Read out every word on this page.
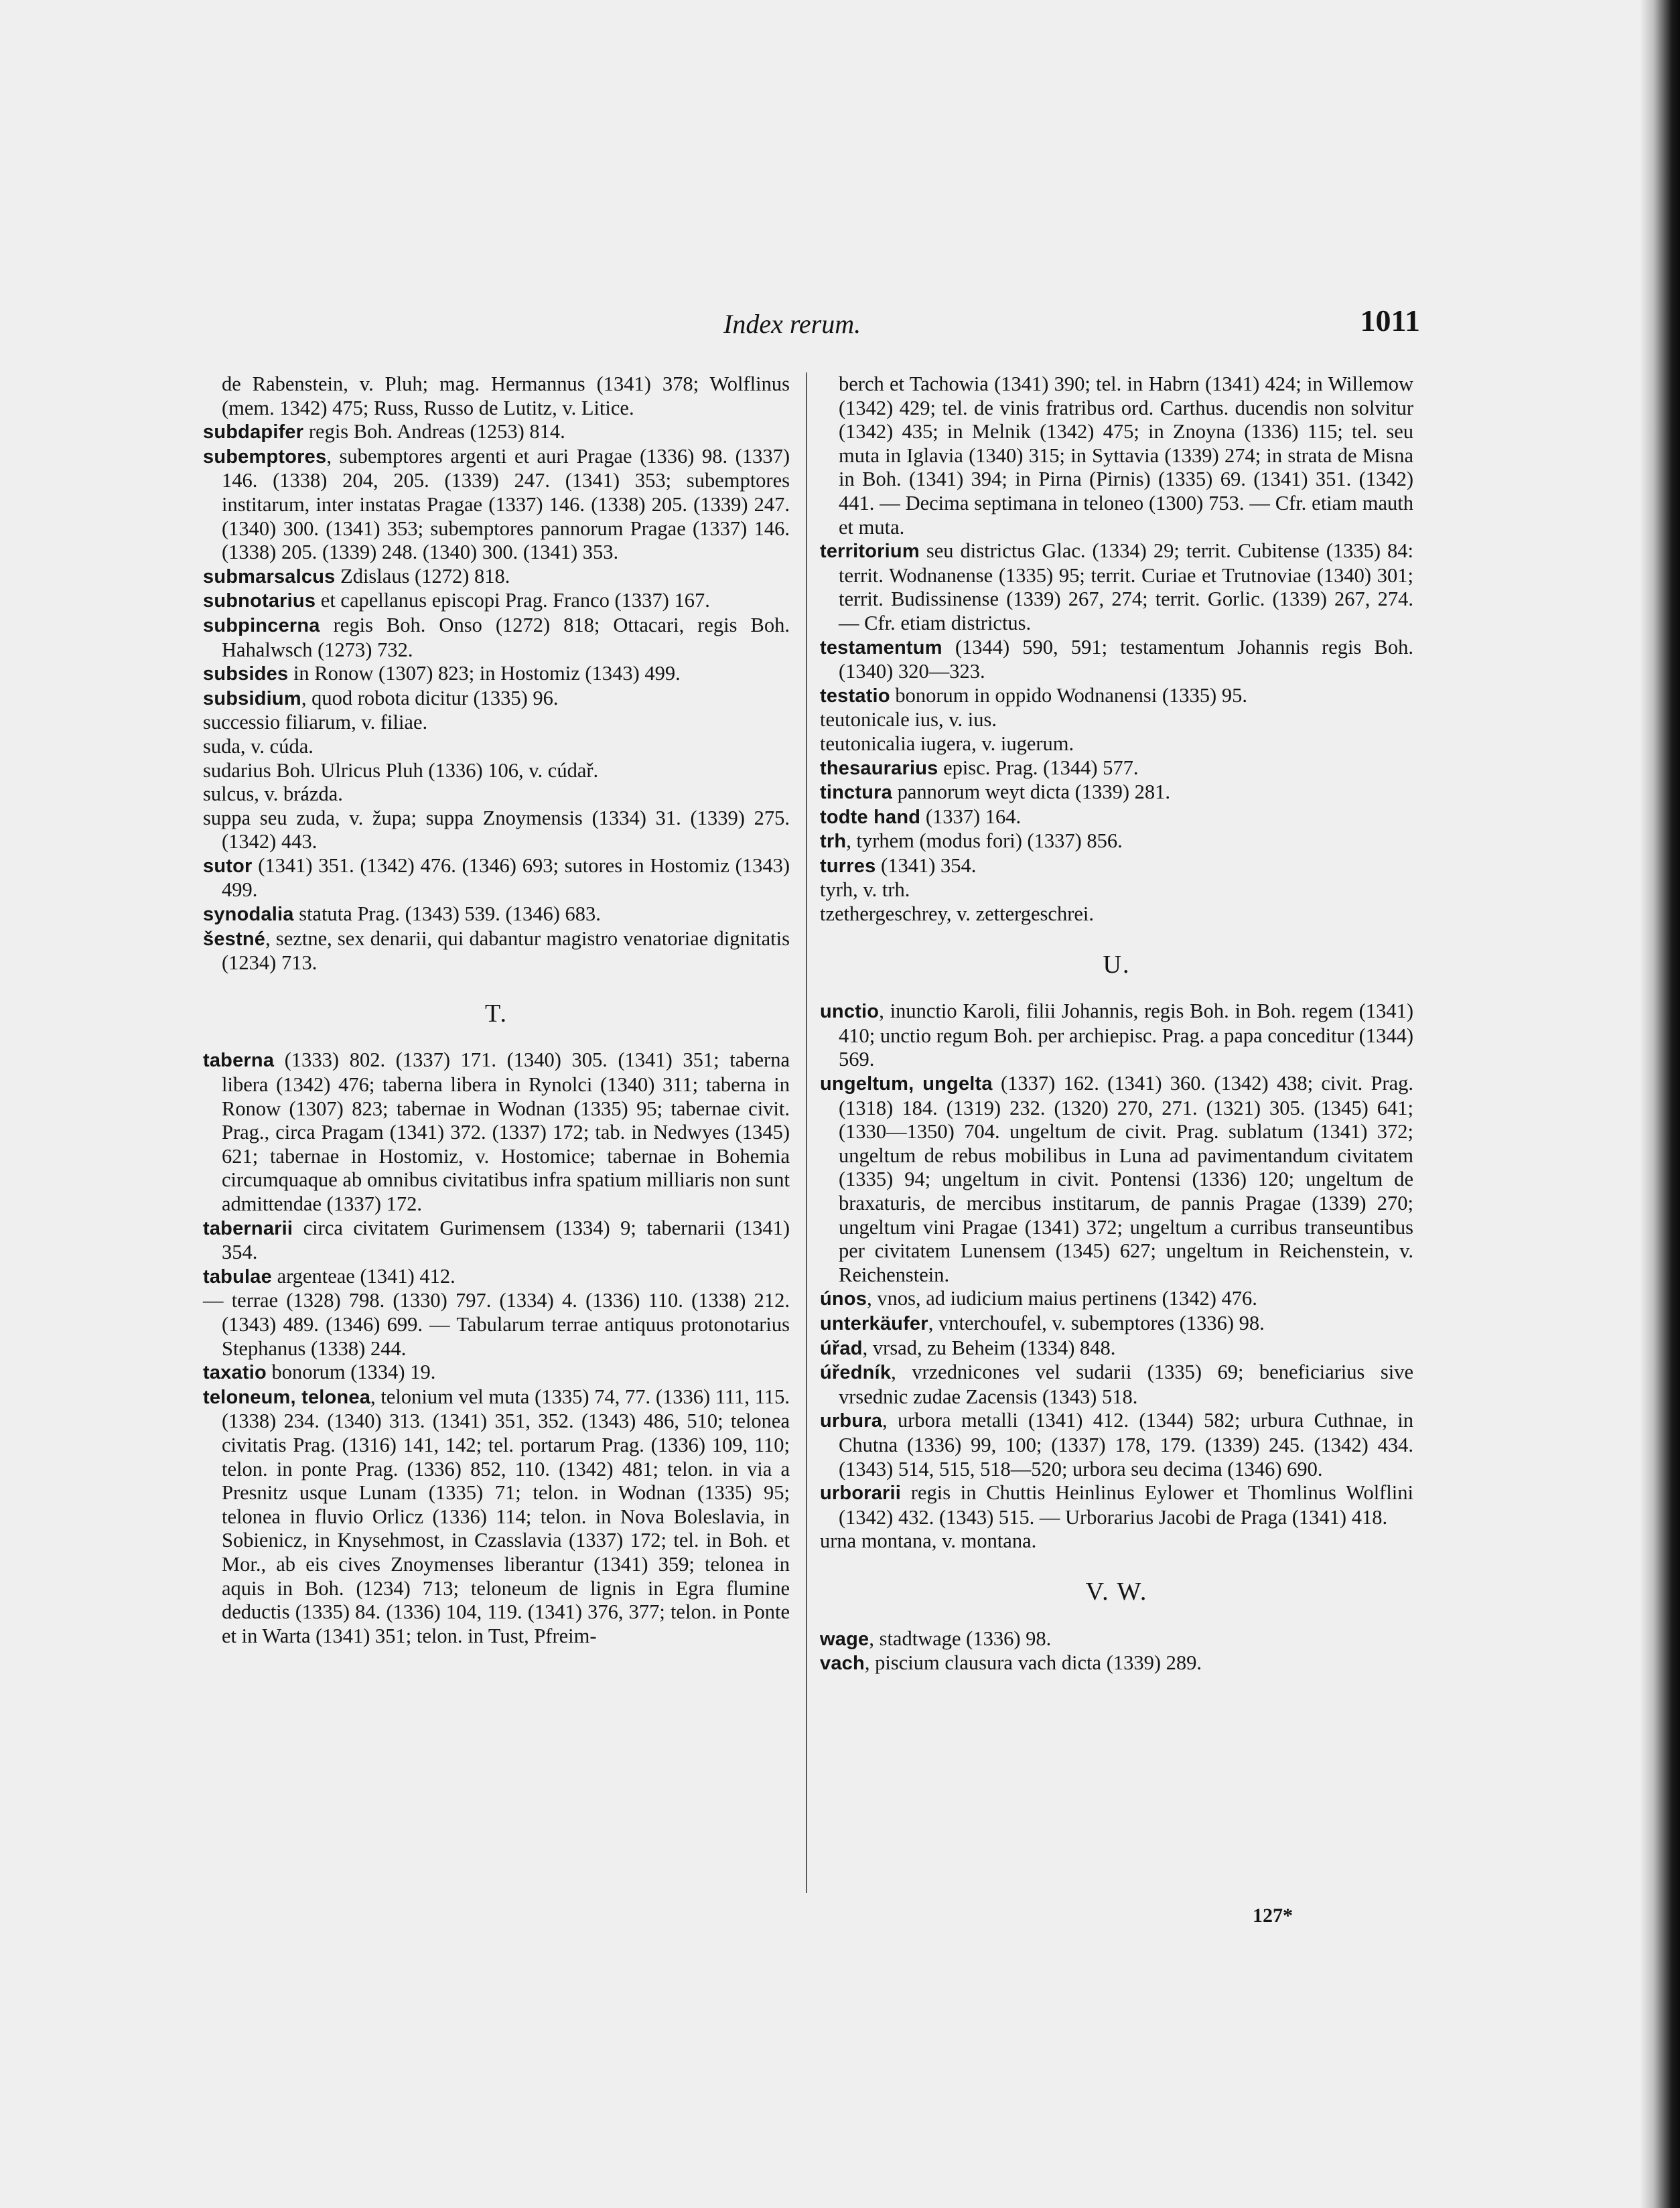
Index rerum.	1011

de Rabenstein, v. Pluh; mag. Hermannus (1341) 378; Wolflinus (mem. 1342) 475; Russ, Russo de Lutitz, v. Litice.

subdapifer regis Boh. Andreas (1253) 814.

subemptores, subemptores argenti et auri Pragae (1336) 98. (1337) 146. (1338) 204, 205. (1339) 247. (1341) 353; subemptores institarum, inter instatas Pragae (1337) 146. (1338) 205. (1339) 247. (1340) 300. (1341) 353; subemptores pannorum Pragae (1337) 146. (1338) 205. (1339) 248. (1340) 300. (1341) 353.

submarsalcus Zdislaus (1272) 818.

subnotarius et capellanus episcopi Prag. Franco (1337) 167.

subpincerna regis Boh. Onso (1272) 818; Ottacari, regis Boh. Hahalwsch (1273) 732.

subsides in Ronow (1307) 823; in Hostomiz (1343) 499.

subsidium, quod robota dicitur (1335) 96.

successio filiarum, v. filiae.

suda, v. cúda.

sudarius Boh. Ulricus Pluh (1336) 106, v. cúdař.

sulcus, v. brázda.

suppa seu zuda, v. župa; suppa Znoymensis (1334) 31. (1339) 275. (1342) 443.

sutor (1341) 351. (1342) 476. (1346) 693; sutores in Hostomiz (1343) 499.

synodalia statuta Prag. (1343) 539. (1346) 683.

šestné, seztne, sex denarii, qui dabantur magistro venatoriae dignitatis (1234) 713.

T.

taberna (1333) 802. (1337) 171. (1340) 305. (1341) 351; taberna libera (1342) 476; taberna libera in Rynolci (1340) 311; taberna in Ronow (1307) 823; tabernae in Wodnan (1335) 95; tabernae civit. Prag., circa Pragam (1341) 372. (1337) 172; tab. in Nedwyes (1345) 621; tabernae in Hostomiz, v. Hostomice; tabernae in Bohemia circumquaque ab omnibus civitatibus infra spatium milliaris non sunt admittendae (1337) 172.

tabernarii circa civitatem Gurimensem (1334) 9; tabernarii (1341) 354.

tabulae argenteae (1341) 412.

— terrae (1328) 798. (1330) 797. (1334) 4. (1336) 110. (1338) 212. (1343) 489. (1346) 699. — Tabularum terrae antiquus protonotarius Stephanus (1338) 244.

taxatio bonorum (1334) 19.

teloneum, telonea, telonium vel muta (1335) 74, 77. (1336) 111, 115. (1338) 234. (1340) 313. (1341) 351, 352. (1343) 486, 510; telonea civitatis Prag. (1316) 141, 142; tel. portarum Prag. (1336) 109, 110; telon. in ponte Prag. (1336) 852, 110. (1342) 481; telon. in via a Presnitz usque Lunam (1335) 71; telon. in Wodnan (1335) 95; telonea in fluvio Orlicz (1336) 114; telon. in Nova Boleslavia, in Sobienicz, in Knysehmost, in Czasslavia (1337) 172; tel. in Boh. et Mor., ab eis cives Znoymenses liberantur (1341) 359; telonea in aquis in Boh. (1234) 713; teloneum de lignis in Egra flumine deductis (1335) 84. (1336) 104, 119. (1341) 376, 377; telon. in Ponte et in Warta (1341) 351; telon. in Tust, Pfreim-

berch et Tachowia (1341) 390; tel. in Habrn (1341) 424; in Willemow (1342) 429; tel. de vinis fratribus ord. Carthus. ducendis non solvitur (1342) 435; in Melnik (1342) 475; in Znoyna (1336) 115; tel. seu muta in Iglavia (1340) 315; in Syttavia (1339) 274; in strata de Misna in Boh. (1341) 394; in Pirna (Pirnis) (1335) 69. (1341) 351. (1342) 441. — Decima septimana in teloneo (1300) 753. — Cfr. etiam mauth et muta.

territorium seu districtus Glac. (1334) 29; territ. Cubitense (1335) 84: territ. Wodnanense (1335) 95; territ. Curiae et Trutnoviae (1340) 301; territ. Budissinense (1339) 267, 274; territ. Gorlic. (1339) 267, 274. — Cfr. etiam districtus.

testamentum (1344) 590, 591; testamentum Johannis regis Boh. (1340) 320—323.

testatio bonorum in oppido Wodnanensi (1335) 95.

teutonicale ius, v. ius.

teutonicalia iugera, v. iugerum.

thesaurarius episc. Prag. (1344) 577.

tinctura pannorum weyt dicta (1339) 281.

todte hand (1337) 164.

trh, tyrhem (modus fori) (1337) 856.

turres (1341) 354.

tyrh, v. trh.

tzethergeschrey, v. zettergeschrei.

U.

unctio, inunctio Karoli, filii Johannis, regis Boh. in Boh. regem (1341) 410; unctio regum Boh. per archiepisc. Prag. a papa conceditur (1344) 569.

ungeltum, ungelta (1337) 162. (1341) 360. (1342) 438; civit. Prag. (1318) 184. (1319) 232. (1320) 270, 271. (1321) 305. (1345) 641; (1330—1350) 704. ungeltum de civit. Prag. sublatum (1341) 372; ungeltum de rebus mobilibus in Luna ad pavimentandum civitatem (1335) 94; ungeltum in civit. Pontensi (1336) 120; ungeltum de braxaturis, de mercibus institarum, de pannis Pragae (1339) 270; ungeltum vini Pragae (1341) 372; ungeltum a curribus transeuntibus per civitatem Lunensem (1345) 627; ungeltum in Reichenstein, v. Reichenstein.

únos, vnos, ad iudicium maius pertinens (1342) 476.

unterkäufer, vnterchoufel, v. subemptores (1336) 98.

úřad, vrsad, zu Beheim (1334) 848.

úředník, vrzednicones vel sudarii (1335) 69; beneficiarius sive vrsednic zudae Zacensis (1343) 518.

urbura, urbora metalli (1341) 412. (1344) 582; urbura Cuthnae, in Chutna (1336) 99, 100; (1337) 178, 179. (1339) 245. (1342) 434. (1343) 514, 515, 518—520; urbora seu decima (1346) 690.

urborarii regis in Chuttis Heinlinus Eylower et Thomlinus Wolflini (1342) 432. (1343) 515. — Urborarius Jacobi de Praga (1341) 418.

urna montana, v. montana.

V. W.

wage, stadtwage (1336) 98.

vach, piscium clausura vach dicta (1339) 289.

127*
